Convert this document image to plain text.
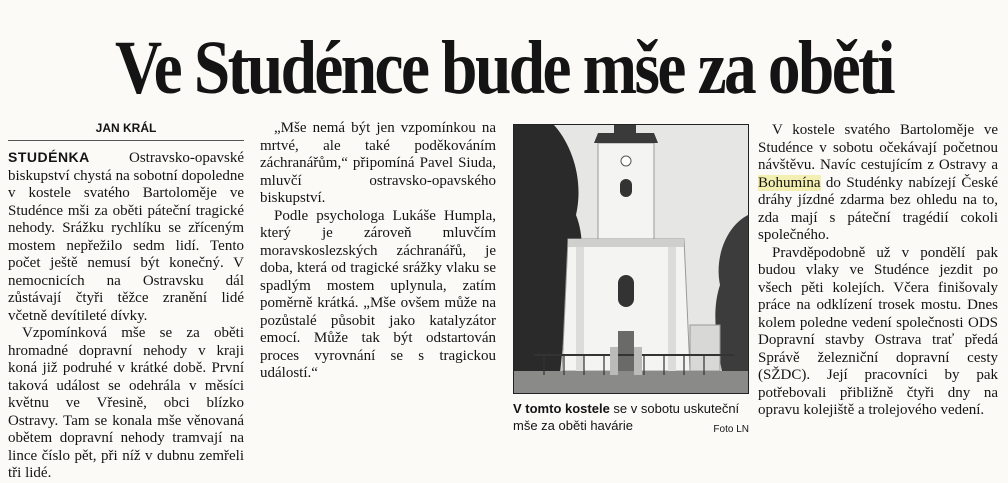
Ve Studénce bude mše za oběti

JAN KRÁL

STUDÉNKA	Ostravsko-opavské biskupství chystá na sobotní dopoledne v kostele svatého Bartoloměje ve Studénce mši za oběti páteční tragické nehody. Srážku rychlíku se zříceným mostem nepřežilo sedm lidí. Tento počet ještě nemusí být konečný. V nemocnicích na Ostravsku dál zůstávají čtyři těžce zranění lidé včetně devítileté dívky.

Vzpomínková mše se za oběti hromadné dopravní nehody v kraji koná již podruhé v krátké době. První taková událost se odehrála v měsíci květnu ve Vřesině, obci blízko Ostravy. Tam se konala mše věnovaná obětem dopravní nehody tramvají na lince číslo pět, při níž v dubnu zemřeli tři lidé.

„Mše nemá být jen vzpomínkou na mrtvé, ale také poděkováním záchranářům,“ připomíná Pavel Siuda, mluvčí ostravsko-opavského biskupství.

Podle psychologa Lukáše Humpla, který je zároveň mluvčím moravskoslezských záchranářů, je doba, která od tragické srážky vlaku se spadlým mostem uplynula, zatím poměrně krátká. „Mše ovšem může na pozůstalé působit jako katalyzátor emocí. Může tak být odstartován proces vyrovnání se s tragickou událostí.“

V tomto kostele se v sobotu uskuteční mše za oběti havárie	Foto LN

V kostele svatého Bartoloměje ve Studénce v sobotu očekávají početnou návštěvu. Navíc cestujícím z Ostravy a Bohumína do Studénky nabízejí České dráhy jízdné zdarma bez ohledu na to, zda mají s páteční tragédií cokoli společného.

Pravděpodobně už v pondělí pak budou vlaky ve Studénce jezdit po všech pěti kolejích. Včera finišovaly práce na odklízení trosek mostu. Dnes kolem poledne vedení společnosti ODS Dopravní stavby Ostrava trať předá Správě železniční dopravní cesty (SŽDC). Její pracovníci by pak potřebovali přibližně čtyři dny na opravu kolejiště a trolejového vedení.
